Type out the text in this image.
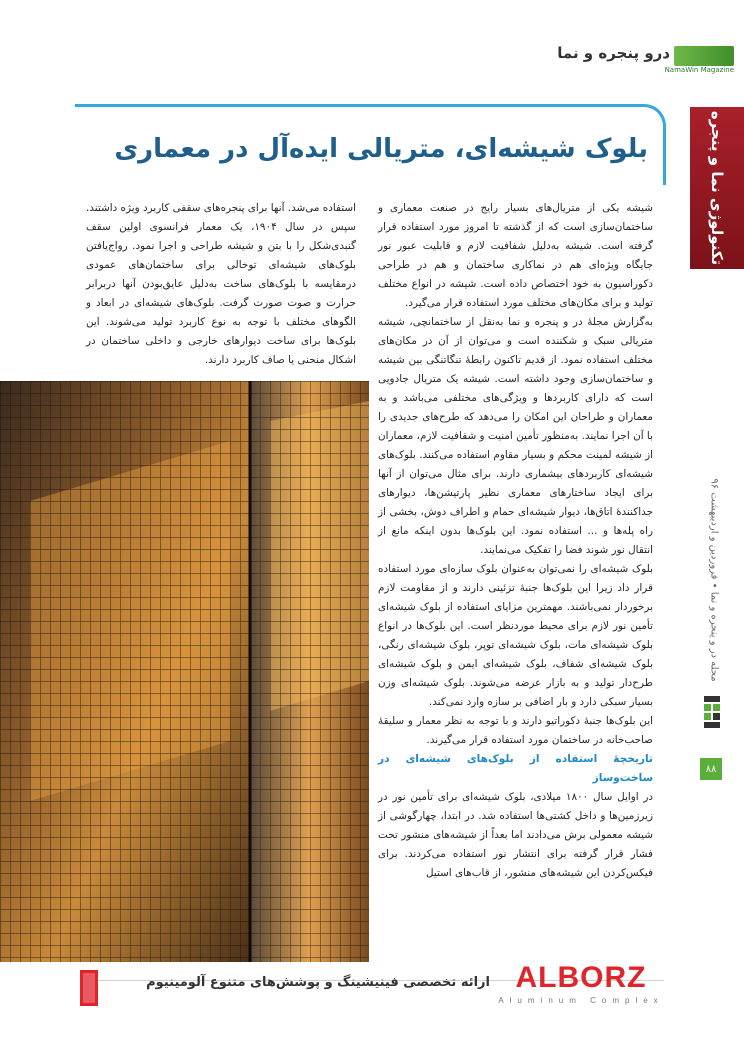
درو پنجره و نما
NamaWin Magazine
تکنولوژی نما و پنجره
مجله در و پنجره و نما • فروردین و اردیبهشت ۹۶
۸۸
بلوک شیشه‌ای، متریالی ایده‌آل در معماری

شیشه یکی از متریال‌های بسیار رایج در صنعت معماری و ساختمان‌سازی است که از گذشته تا امروز مورد استفاده قرار گرفته است. شیشه به‌دلیل شفافیت لازم و قابلیت عبور نور جایگاه ویژه‌ای هم در نماکاری ساختمان و هم در طراحی دکوراسیون به خود اختصاص داده است. شیشه در انواع مختلف تولید و برای مکان‌های مختلف مورد استفاده قرار می‌گیرد.

به‌گزارش مجلهٔ در و پنجره و نما به‌نقل از ساختمانچی، شیشه متریالی سبک و شکننده است و می‌توان از آن در مکان‌های مختلف استفاده نمود. از قدیم تاکنون رابطهٔ تنگاتنگی بین شیشه و ساختمان‌سازی وجود داشته است. شیشه یک متریال جادویی است که دارای کاربردها و ویژگی‌های مختلفی می‌باشد و به معماران و طراحان این امکان را می‌دهد که طرح‌های جدیدی را با آن اجرا نمایند. به‌منظور تأمین امنیت و شفافیت لازم، معماران از شیشه لمینت محکم و بسیار مقاوم استفاده می‌کنند. بلوک‌های شیشه‌ای کاربردهای بیشماری دارند. برای مثال می‌توان از آنها برای ایجاد ساختارهای معماری نظیر پارتیشن‌ها، دیوارهای جداکنندهٔ اتاق‌ها، دیوار شیشه‌ای حمام و اطراف دوش، بخشی از راه پله‌ها و ... استفاده نمود. این بلوک‌ها بدون اینکه مانع از انتقال نور شوند فضا را تفکیک می‌نمایند.

بلوک شیشه‌ای را نمی‌توان به‌عنوان بلوک سازه‌ای مورد استفاده قرار داد زیرا این بلوک‌ها جنبهٔ تزئینی دارند و از مقاومت لازم برخوردار نمی‌باشند. مهمترین مزایای استفاده از بلوک شیشه‌ای تأمین نور لازم برای محیط موردنظر است. این بلوک‌ها در انواع بلوک شیشه‌ای مات، بلوک شیشه‌ای توپر، بلوک شیشه‌ای رنگی، بلوک شیشه‌ای شفاف، بلوک شیشه‌ای ایمن و بلوک شیشه‌ای طرح‌دار تولید و به بازار عرضه می‌شوند. بلوک شیشه‌ای وزن بسیار سبکی دارد و بار اضافی بر سازه وارد نمی‌کند.

این بلوک‌ها جنبهٔ دکوراتیو دارند و با توجه به نظر معمار و سلیقهٔ صاحب‌خانه در ساختمان مورد استفاده قرار می‌گیرند.

تاریخچهٔ استفاده از بلوک‌های شیشه‌ای در ساخت‌وساز

در اوایل سال ۱۸۰۰ میلادی، بلوک شیشه‌ای برای تأمین نور در زیرزمین‌ها و داخل کشتی‌ها استفاده شد. در ابتدا، چهارگوشی از شیشه معمولی برش می‌دادند اما بعداً از شیشه‌های منشور تحت فشار قرار گرفته برای انتشار نور استفاده می‌کردند. برای فیکس‌کردن این شیشه‌های منشور، از قاب‌های استیل

استفاده می‌شد. آنها برای پنجره‌های سقفی کاربرد ویژه داشتند. سپس در سال ۱۹۰۴، یک معمار فرانسوی اولین سقف گنبدی‌شکل را با بتن و شیشه طراحی و اجرا نمود. رواج‌یافتن بلوک‌های شیشه‌ای توخالی برای ساختمان‌های عمودی درمقایسه با بلوک‌های ساخت به‌دلیل عایق‌بودن آنها دربرابر حرارت و صوت صورت گرفت. بلوک‌های شیشه‌ای در ابعاد و الگوهای مختلف با توجه به نوع کاربرد تولید می‌شوند. این بلوک‌ها برای ساخت دیوارهای خارجی و داخلی ساختمان در اشکال منحنی یا صاف کاربرد دارند.

ارائه تخصصی فینیشینگ و پوشش‌های متنوع آلومینیوم ALBORZ
Aluminum Complex
